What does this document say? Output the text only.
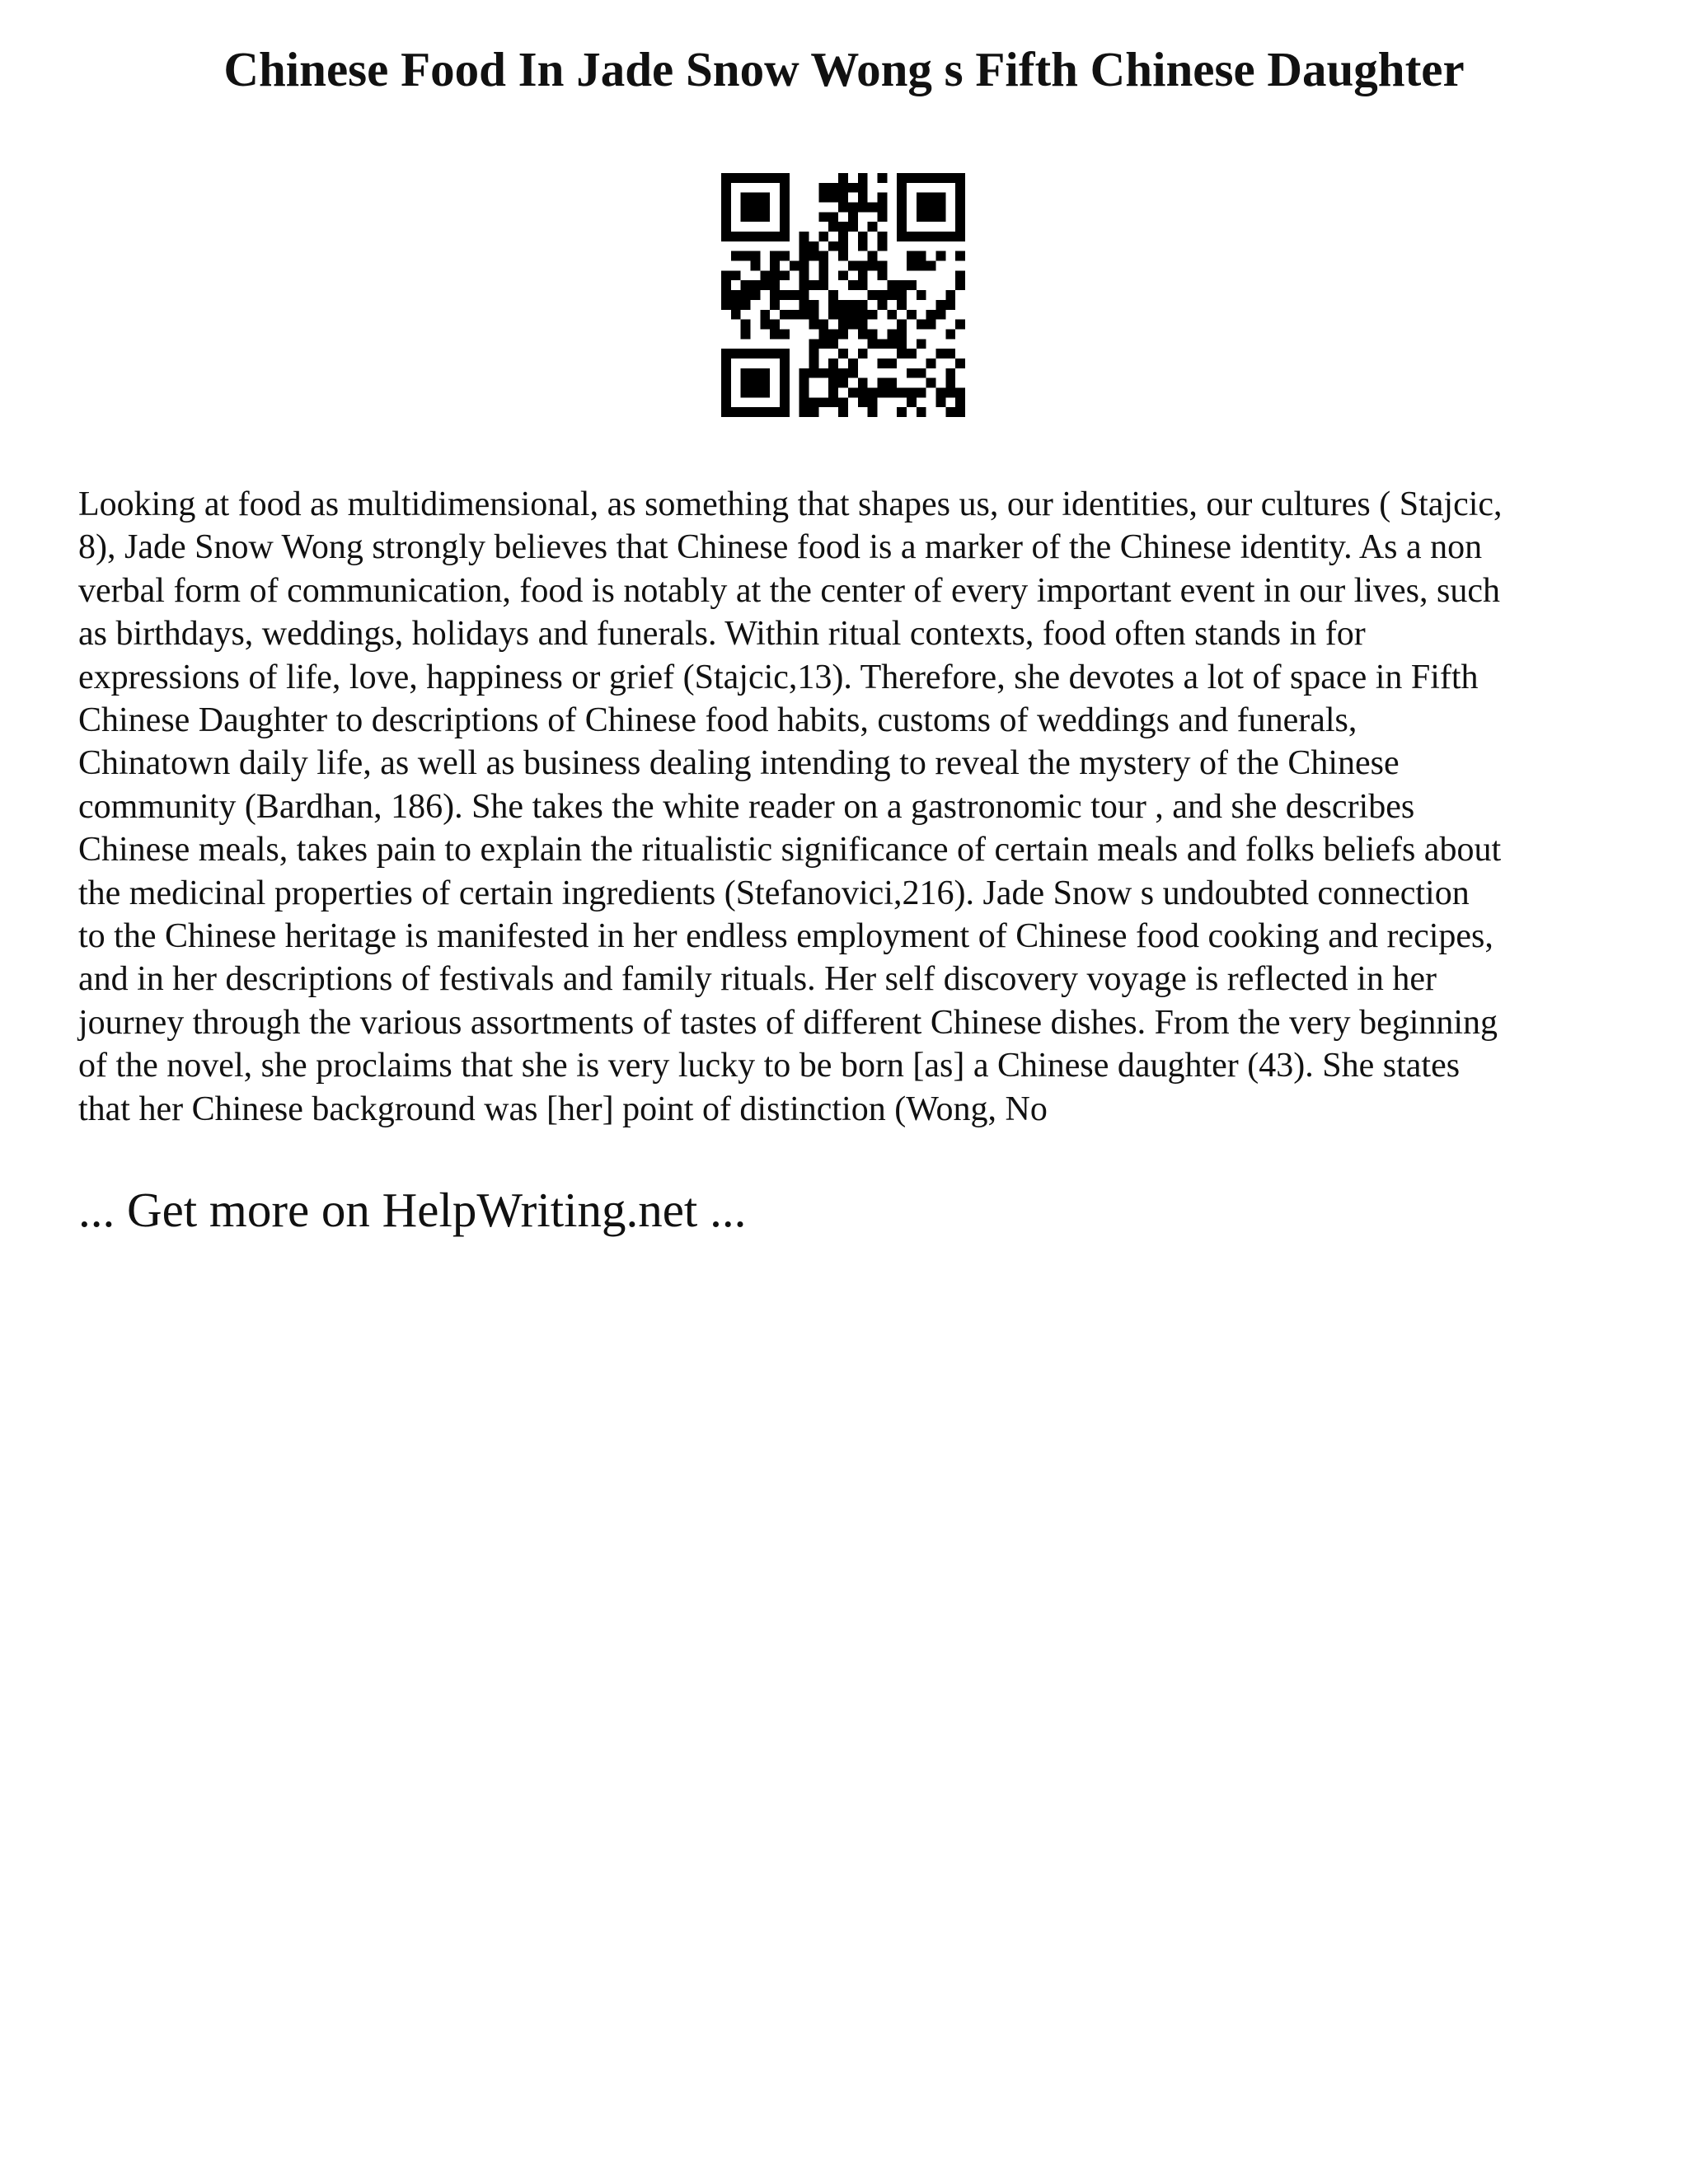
Chinese Food In Jade Snow Wong s Fifth Chinese Daughter

Looking at food as multidimensional, as something that shapes us, our identities, our cultures ( Stajcic,
8), Jade Snow Wong strongly believes that Chinese food is a marker of the Chinese identity. As a non
verbal form of communication, food is notably at the center of every important event in our lives, such
as birthdays, weddings, holidays and funerals. Within ritual contexts, food often stands in for
expressions of life, love, happiness or grief (Stajcic,13). Therefore, she devotes a lot of space in Fifth
Chinese Daughter to descriptions of Chinese food habits, customs of weddings and funerals,
Chinatown daily life, as well as business dealing intending to reveal the mystery of the Chinese
community (Bardhan, 186). She takes the white reader on a gastronomic tour , and she describes
Chinese meals, takes pain to explain the ritualistic significance of certain meals and folks beliefs about
the medicinal properties of certain ingredients (Stefanovici,216). Jade Snow s undoubted connection
to the Chinese heritage is manifested in her endless employment of Chinese food cooking and recipes,
and in her descriptions of festivals and family rituals. Her self discovery voyage is reflected in her
journey through the various assortments of tastes of different Chinese dishes. From the very beginning
of the novel, she proclaims that she is very lucky to be born [as] a Chinese daughter (43). She states
that her Chinese background was [her] point of distinction (Wong, No

... Get more on HelpWriting.net ...
